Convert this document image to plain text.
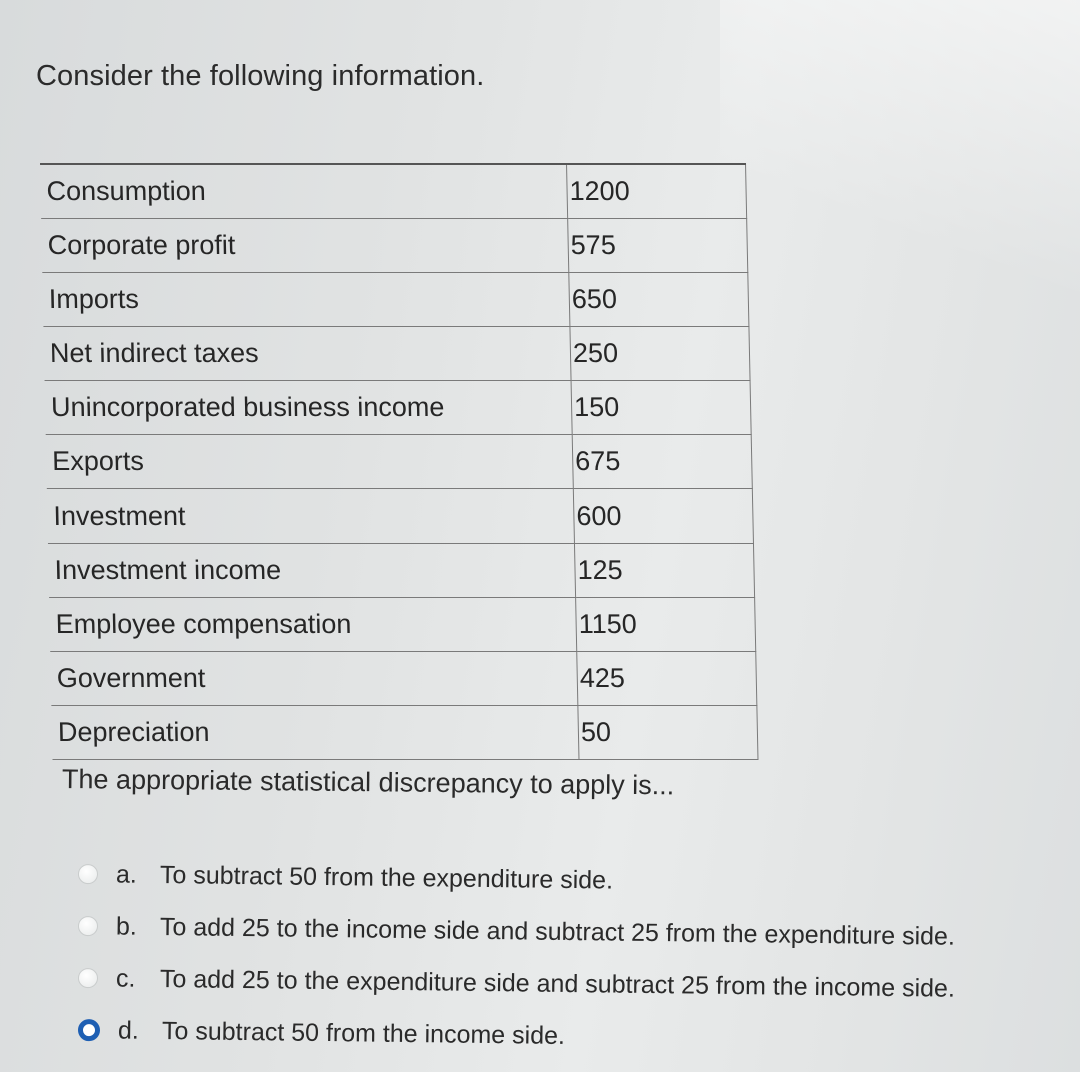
Consider the following information.
Consumption	1200
Corporate profit	575
Imports	650
Net indirect taxes	250
Unincorporated business income	150
Exports	675
Investment	600
Investment income	125
Employee compensation	1150
Government	425
Depreciation	50
The appropriate statistical discrepancy to apply is...
a. To subtract 50 from the expenditure side.
b. To add 25 to the income side and subtract 25 from the expenditure side.
c. To add 25 to the expenditure side and subtract 25 from the income side.
d. To subtract 50 from the income side.
